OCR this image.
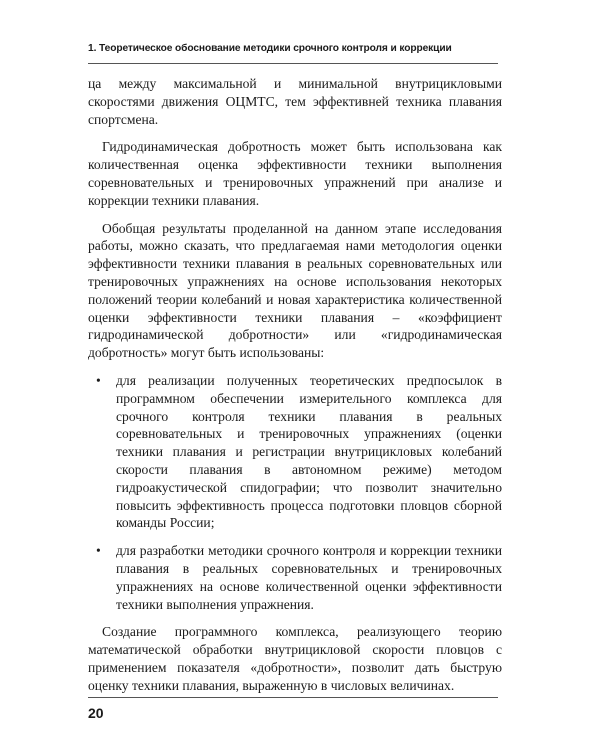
1. Теоретическое обоснование методики срочного контроля и коррекции

ца между максимальной и минимальной внутрицикловыми скоростями движения ОЦМТС, тем эффективней техника плавания спортсмена.

Гидродинамическая добротность может быть использована как количественная оценка эффективности техники выполнения соревновательных и тренировочных упражнений при анализе и коррекции техники плавания.

Обобщая результаты проделанной на данном этапе исследования работы, можно сказать, что предлагаемая нами методология оценки эффективности техники плавания в реальных соревновательных или тренировочных упражнениях на основе использования некоторых положений теории колебаний и новая характеристика количественной оценки эффективности техники плавания – «коэффициент гидродинамической добротности» или «гидродинамическая добротность» могут быть использованы:

• для реализации полученных теоретических предпосылок в программном обеспечении измерительного комплекса для срочного контроля техники плавания в реальных соревновательных и тренировочных упражнениях (оценки техники плавания и регистрации внутрицикловых колебаний скорости плавания в автономном режиме) методом гидроакустической спидографии; что позволит значительно повысить эффективность процесса подготовки пловцов сборной команды России;
• для разработки методики срочного контроля и коррекции техники плавания в реальных соревновательных и тренировочных упражнениях на основе количественной оценки эффективности техники выполнения упражнения.

Создание программного комплекса, реализующего теорию математической обработки внутрицикловой скорости пловцов с применением показателя «добротности», позволит дать быструю оценку техники плавания, выраженную в числовых величинах.

20
